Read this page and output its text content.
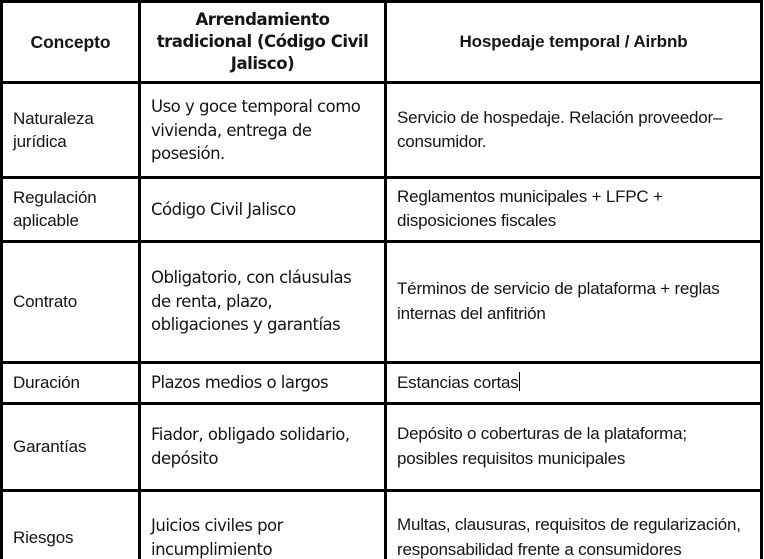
Concepto	Arrendamiento tradicional (Código Civil Jalisco)	Hospedaje temporal / Airbnb
Naturaleza jurídica	Uso y goce temporal como vivienda, entrega de posesión.	Servicio de hospedaje. Relación proveedor–consumidor.
Regulación aplicable	Código Civil Jalisco	Reglamentos municipales + LFPC + disposiciones fiscales
Contrato	Obligatorio, con cláusulas de renta, plazo, obligaciones y garantías	Términos de servicio de plataforma + reglas internas del anfitrión
Duración	Plazos medios o largos	Estancias cortas
Garantías	Fiador, obligado solidario, depósito	Depósito o coberturas de la plataforma; posibles requisitos municipales
Riesgos	Juicios civiles por incumplimiento	Multas, clausuras, requisitos de regularización, responsabilidad frente a consumidores
